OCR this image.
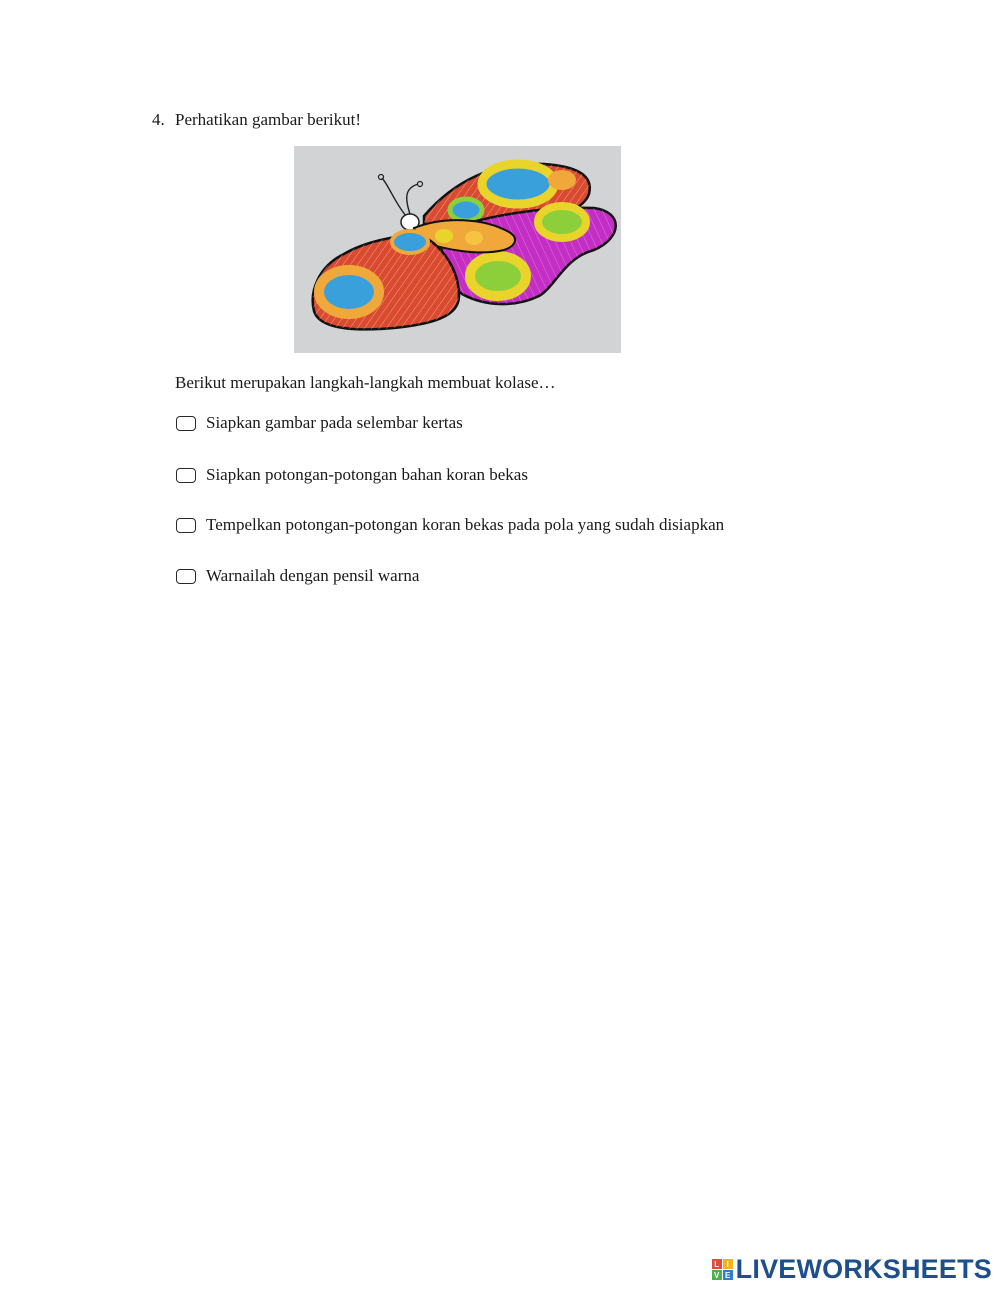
4. Perhatikan gambar berikut!
Berikut merupakan langkah-langkah membuat kolase…
Siapkan gambar pada selembar kertas
Siapkan potongan-potongan bahan koran bekas
Tempelkan potongan-potongan koran bekas pada pola yang sudah disiapkan
Warnailah dengan pensil warna
L I
V E LIVEWORKSHEETS
